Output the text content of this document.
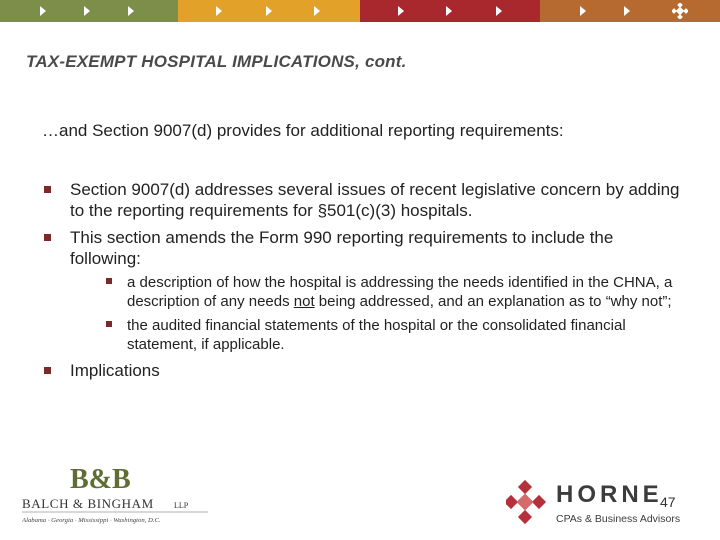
TAX-EXEMPT HOSPITAL IMPLICATIONS, cont.

…and Section 9007(d) provides for additional reporting requirements:

Section 9007(d) addresses several issues of recent legislative concern by adding to the reporting requirements for §501(c)(3) hospitals.
This section amends the Form 990 reporting requirements to include the following:
a description of how the hospital is addressing the needs identified in the CHNA, a description of any needs not being addressed, and an explanation as to “why not”;
the audited financial statements of the hospital or the consolidated financial statement, if applicable.
Implications
B&B
BALCH & BINGHAM	LLP
Alabama · Georgia · Mississippi · Washington, D.C.
HORNE
CPAs & Business Advisors
47
